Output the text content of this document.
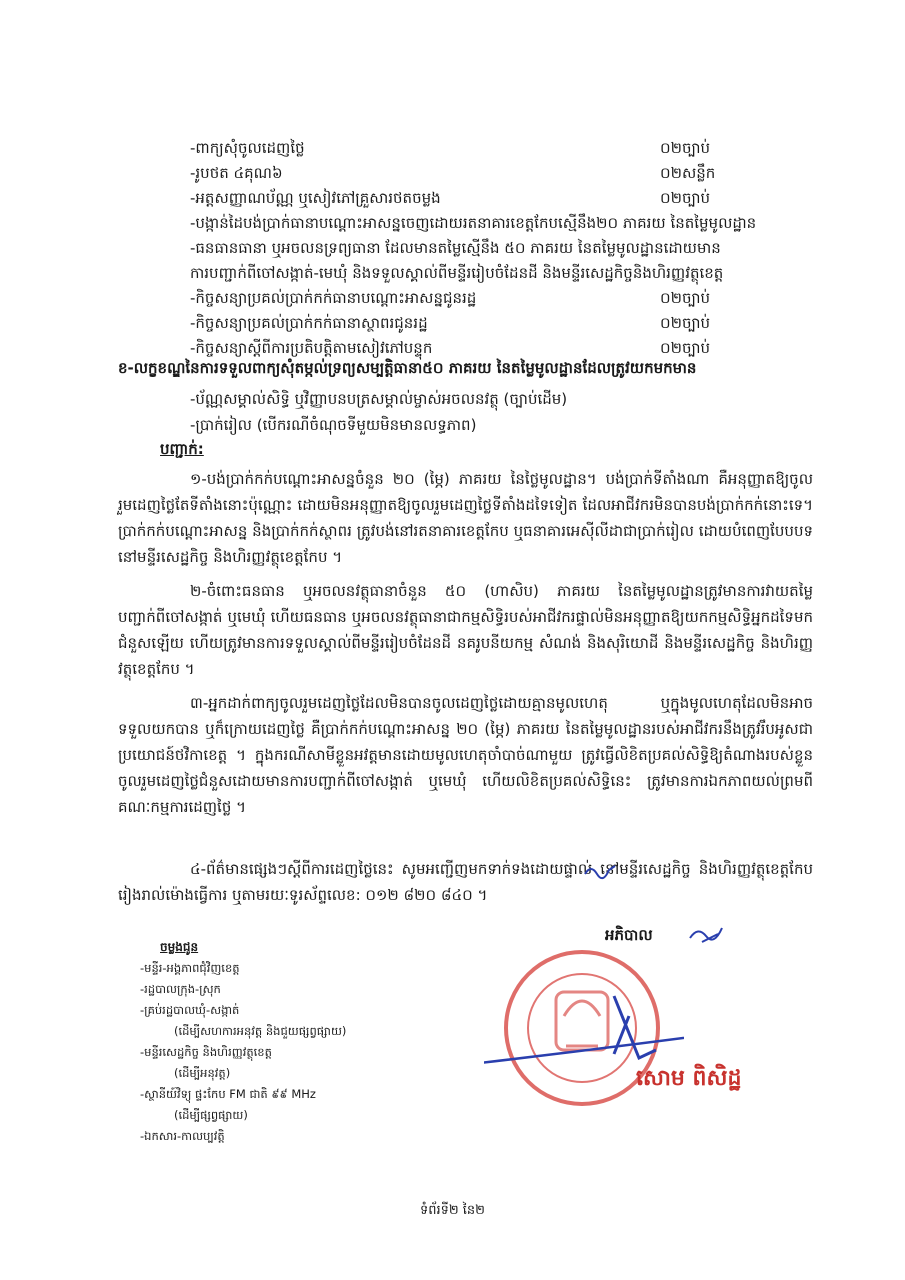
-ពាក្យសុំចូលដេញថ្លៃ	០២ច្បាប់
-រូបថត ៤គុណ៦	០២សន្លឹក
-អត្តសញ្ញាណប័ណ្ណ ឬសៀវភៅគ្រួសារថតចម្លង	០២ច្បាប់
-បង្កាន់ដៃបង់ប្រាក់ធានាបណ្ដោះអាសន្នចេញដោយរតនាគារខេត្តកែបស្មើនឹង២០ ភាគរយ នៃតម្លៃមូលដ្ឋាន
-ធនធានធានា ឬអចលនទ្រព្យធានា ដែលមានតម្លៃស្មើនឹង ៥០ ភាគរយ នៃតម្លៃមូលដ្ឋានដោយមាន
ការបញ្ជាក់ពីចៅសង្កាត់-មេឃុំ និងទទួលស្គាល់ពីមន្ទីររៀបចំដែនដី និងមន្ទីរសេដ្ឋកិច្ចនិងហិរញ្ញវត្ថុខេត្ត
-កិច្ចសន្យាប្រគល់ប្រាក់កក់ធានាបណ្ដោះអាសន្នជូនរដ្ឋ	០២ច្បាប់
-កិច្ចសន្យាប្រគល់ប្រាក់កក់ធានាស្ថាពរជូនរដ្ឋ	០២ច្បាប់
-កិច្ចសន្យាស្ដីពីការប្រតិបត្តិតាមសៀវភៅបន្ទុក	០២ច្បាប់
ខ-លក្ខខណ្ឌនៃការទទួលពាក្យសុំតម្កល់ទ្រព្យសម្បត្តិធានា៥០ ភាគរយ នៃតម្លៃមូលដ្ឋានដែលត្រូវយកមកមាន
-ប័ណ្ណសម្គាល់សិទ្ធិ ឬវិញ្ញាបនបត្រសម្គាល់ម្ចាស់អចលនវត្ថុ (ច្បាប់ដើម)
-ប្រាក់រៀល (បើករណីចំណុចទីមួយមិនមានលទ្ធភាព)
បញ្ជាក់:
១-បង់ប្រាក់កក់បណ្ដោះអាសន្នចំនួន ២០ (ម្ភៃ) ភាគរយ នៃថ្លៃមូលដ្ឋាន។ បង់ប្រាក់ទីតាំងណា គឺអនុញ្ញាតឱ្យចូលរួមដេញថ្លៃតែទីតាំងនោះប៉ុណ្ណោះ ដោយមិនអនុញ្ញាតឱ្យចូលរួមដេញថ្លៃទីតាំងដទៃទៀត ដែលអាជីវករមិនបានបង់ប្រាក់កក់នោះទេ។ ប្រាក់កក់បណ្ដោះអាសន្ន និងប្រាក់កក់ស្ថាពរ ត្រូវបង់នៅរតនាគារខេត្តកែប ឬធនាគារអេស៊ីលីដាជាប្រាក់រៀល ដោយបំពេញបែបបទនៅមន្ទីរសេដ្ឋកិច្ច និងហិរញ្ញវត្ថុខេត្តកែប ។
២-ចំពោះធនធាន ឬអចលនវត្ថុធានាចំនួន ៥០ (ហាសិប) ភាគរយ នៃតម្លៃមូលដ្ឋានត្រូវមានការវាយតម្លៃ បញ្ជាក់ពីចៅសង្កាត់ ឬមេឃុំ ហើយធនធាន ឬអចលនវត្ថុធានាជាកម្មសិទ្ធិរបស់អាជីវករផ្ទាល់មិនអនុញ្ញាតឱ្យយកកម្មសិទ្ធិអ្នកដទៃមកជំនួសឡើយ ហើយត្រូវមានការទទួលស្គាល់ពីមន្ទីររៀបចំដែនដី នគរូបនីយកម្ម សំណង់ និងសុរិយោដី និងមន្ទីរសេដ្ឋកិច្ច និងហិរញ្ញវត្ថុខេត្តកែប ។
៣-អ្នកដាក់ពាក្យចូលរួមដេញថ្លៃដែលមិនបានចូលដេញថ្លៃដោយគ្មានមូលហេតុ ឬក្នុងមូលហេតុដែលមិនអាចទទួលយកបាន ឬក៏ក្រោយដេញថ្លៃ គឺប្រាក់កក់បណ្ដោះអាសន្ន ២០ (ម្ភៃ) ភាគរយ នៃតម្លៃមូលដ្ឋានរបស់អាជីវករនឹងត្រូវរឹបអូសជាប្រយោជន៍ថវិកាខេត្ត ។ ក្នុងករណីសាមីខ្លួនអវត្តមានដោយមូលហេតុចាំបាច់ណាមួយ ត្រូវធ្វើលិខិតប្រគល់សិទ្ធិឱ្យតំណាងរបស់ខ្លួនចូលរួមដេញថ្លៃជំនួសដោយមានការបញ្ជាក់ពីចៅសង្កាត់ ឬមេឃុំ ហើយលិខិតប្រគល់សិទ្ធិនេះ ត្រូវមានការឯកភាពយល់ព្រមពីគណៈកម្មការដេញថ្លៃ ។
៤-ព័ត៌មានផ្សេងៗស្ដីពីការដេញថ្លៃនេះ សូមអញ្ជើញមកទាក់ទងដោយផ្ទាល់ នៅមន្ទីរសេដ្ឋកិច្ច និងហិរញ្ញវត្ថុខេត្តកែបរៀងរាល់ម៉ោងធ្វើការ ឬតាមរយៈទូរស័ព្ទលេខ: ០១២ ៨២០ ៨៤០ ។
អភិបាល
ចម្លងជូន
-មន្ទីរ-អង្គភាពជុំវិញខេត្ត
-រដ្ឋបាលក្រុង-ស្រុក
-គ្រប់រដ្ឋបាលឃុំ-សង្កាត់
(ដើម្បីសហការអនុវត្ត និងជួយផ្សព្វផ្សាយ)
-មន្ទីរសេដ្ឋកិច្ច និងហិរញ្ញវត្ថុខេត្ត
(ដើម្បីអនុវត្ត)
-ស្ថានីយ៍វិទ្យុ ផ្ទះកែប FM ជាតិ ៩៩ MHz
(ដើម្បីផ្សព្វផ្សាយ)
-ឯកសារ-កាលប្បវត្តិ
សោម ពិសិដ្ឋ
ទំព័រទី២ នៃ២
